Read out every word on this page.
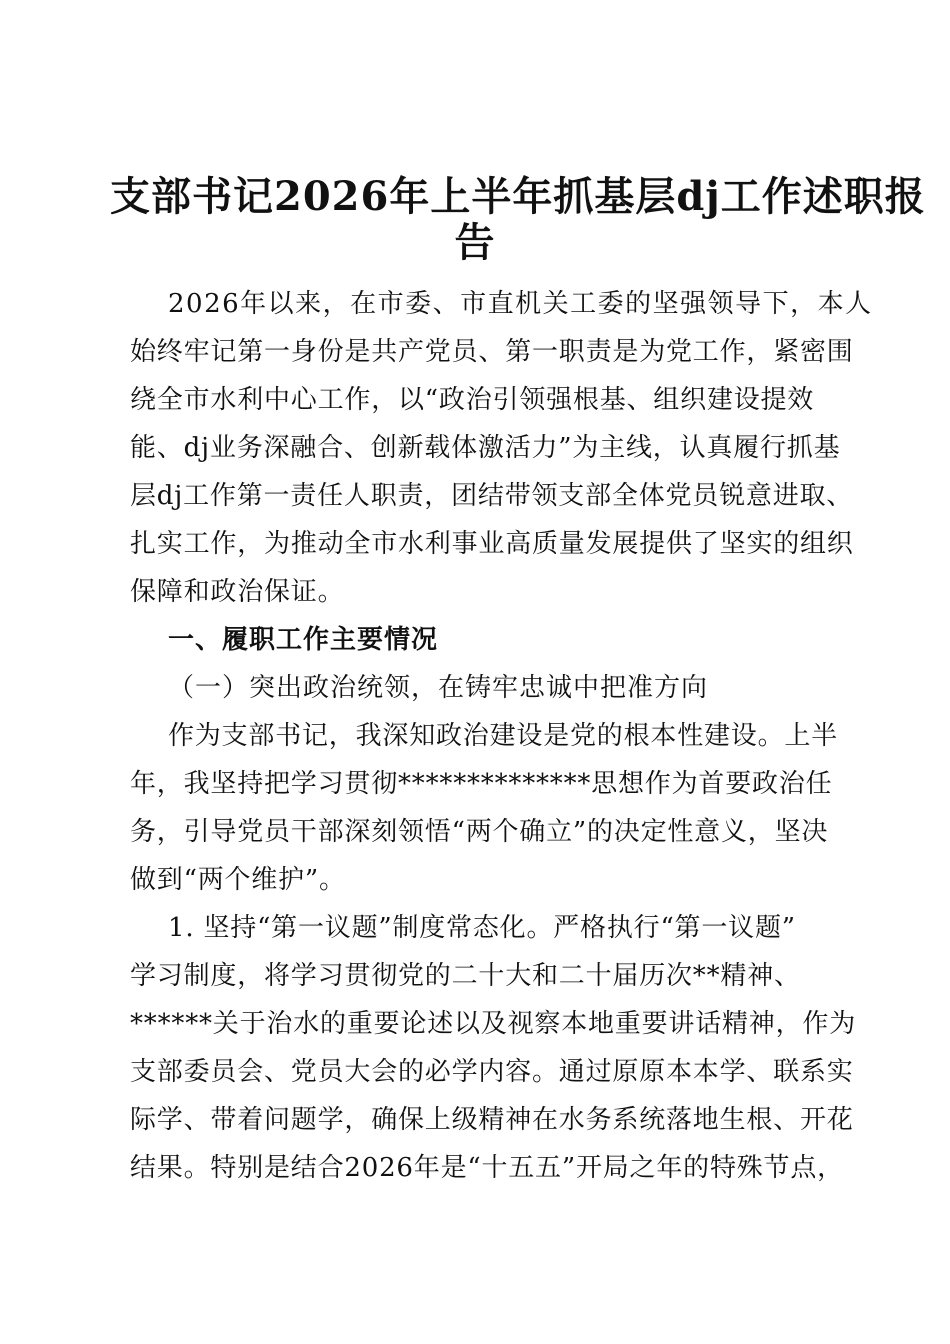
支部书记2026年上半年抓基层dj工作述职报
告
2026年以来，在市委、市直机关工委的坚强领导下，本人
始终牢记第一身份是共产党员、第一职责是为党工作，紧密围
绕全市水利中心工作，以“政治引领强根基、组织建设提效
能、dj业务深融合、创新载体激活力”为主线，认真履行抓基
层dj工作第一责任人职责，团结带领支部全体党员锐意进取、
扎实工作，为推动全市水利事业高质量发展提供了坚实的组织
保障和政治保证。
一、履职工作主要情况
（一）突出政治统领，在铸牢忠诚中把准方向
作为支部书记，我深知政治建设是党的根本性建设。上半
年，我坚持把学习贯彻**************思想作为首要政治任
务，引导党员干部深刻领悟“两个确立”的决定性意义，坚决
做到“两个维护”。
1. 坚持“第一议题”制度常态化。严格执行“第一议题”
学习制度，将学习贯彻党的二十大和二十届历次**精神、
******关于治水的重要论述以及视察本地重要讲话精神，作为
支部委员会、党员大会的必学内容。通过原原本本学、联系实
际学、带着问题学，确保上级精神在水务系统落地生根、开花
结果。特别是结合2026年是“十五五”开局之年的特殊节点，
